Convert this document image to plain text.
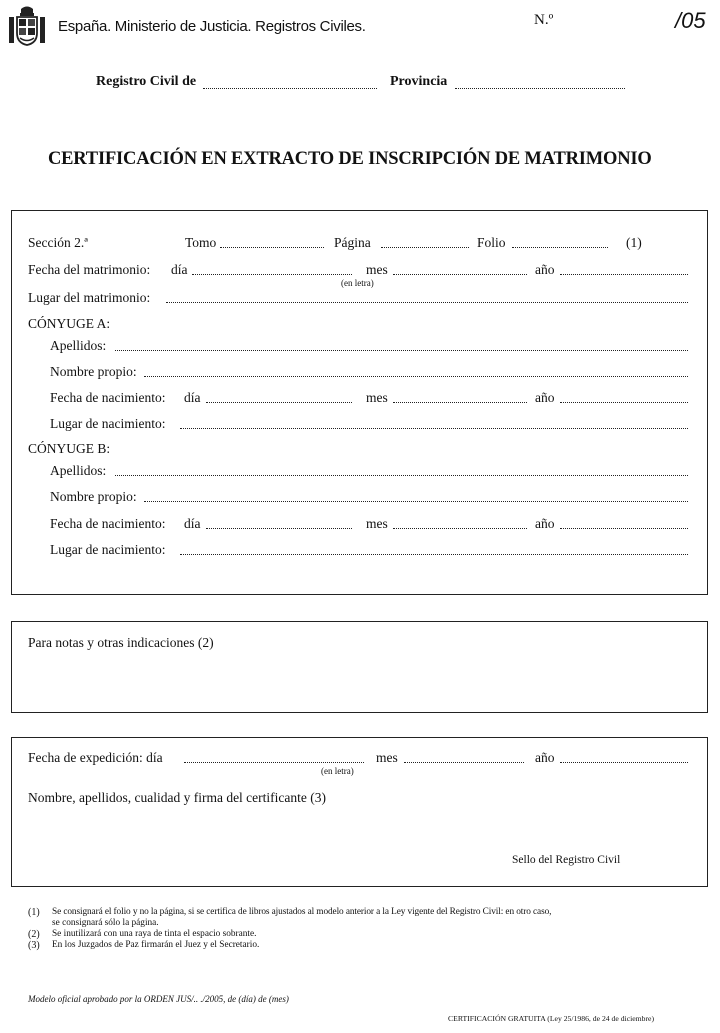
España. Ministerio de Justicia. Registros Civiles.	N.º	/05
Registro Civil de	Provincia
CERTIFICACIÓN EN EXTRACTO DE INSCRIPCIÓN DE MATRIMONIO
Sección 2.ª	Tomo	Página	Folio	(1)
Fecha del matrimonio: día	mes	año
(en letra)
Lugar del matrimonio:
CÓNYUGE A:
Apellidos:
Nombre propio:
Fecha de nacimiento: día	mes	año
Lugar de nacimiento:
CÓNYUGE B:
Apellidos:
Nombre propio:
Fecha de nacimiento: día	mes	año
Lugar de nacimiento:
Para notas y otras indicaciones (2)
Fecha de expedición: día	mes	año
(en letra)
Nombre, apellidos, cualidad y firma del certificante (3)
Sello del Registro Civil
(1) Se consignará el folio y no la página, si se certifica de libros ajustados al modelo anterior a la Ley vigente del Registro Civil: en otro caso,
se consignará sólo la página.
(2) Se inutilizará con una raya de tinta el espacio sobrante.
(3) En los Juzgados de Paz firmarán el Juez y el Secretario.
Modelo oficial aprobado por la ORDEN JUS/.. ./2005, de (día) de (mes)
CERTIFICACIÓN GRATUITA (Ley 25/1986, de 24 de diciembre)
